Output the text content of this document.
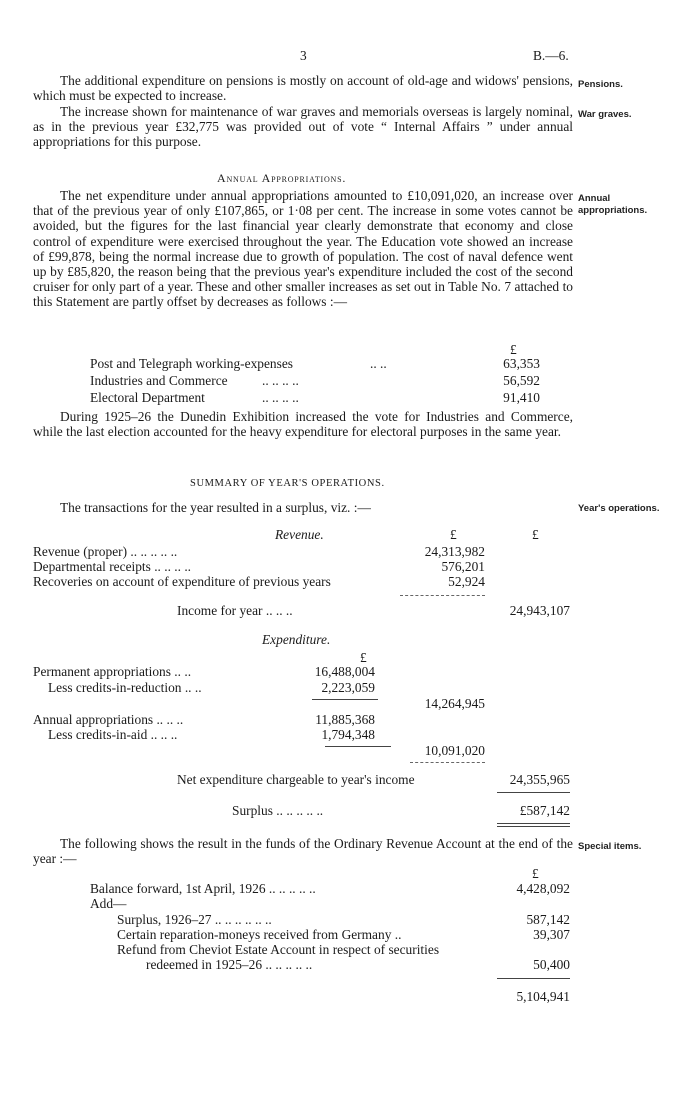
3	B.—6.
Pensions.
War graves.
Annual appropriations.
Year's operations.
Special items.
The additional expenditure on pensions is mostly on account of old-age and widows' pensions, which must be expected to increase.
The increase shown for maintenance of war graves and memorials overseas is largely nominal, as in the previous year £32,775 was provided out of vote “ Internal Affairs ” under annual appropriations for this purpose.
Annual Appropriations.
The net expenditure under annual appropriations amounted to £10,091,020, an increase over that of the previous year of only £107,865, or 1·08 per cent. The increase in some votes cannot be avoided, but the figures for the last financial year clearly demonstrate that economy and close control of expenditure were exercised throughout the year. The Education vote showed an increase of £99,878, being the normal increase due to growth of population. The cost of naval defence went up by £85,820, the reason being that the previous year's expenditure included the cost of the second cruiser for only part of a year. These and other smaller increases as set out in Table No. 7 attached to this Statement are partly offset by decreases as follows :—
£
Post and Telegraph working-expenses	.. ..	63,353
Industries and Commerce	.. .. .. ..	56,592
Electoral Department	.. .. .. ..	91,410
During 1925–26 the Dunedin Exhibition increased the vote for Industries and Commerce, while the last election accounted for the heavy expenditure for electoral purposes in the same year.
SUMMARY OF YEAR'S OPERATIONS.
The transactions for the year resulted in a surplus, viz. :—
Revenue.	£	£
Revenue (proper) .. .. .. .. ..	24,313,982
Departmental receipts .. .. .. ..	576,201
Recoveries on account of expenditure of previous years	52,924
Income for year .. .. ..	24,943,107
Expenditure.
£
Permanent appropriations .. ..	16,488,004
Less credits-in-reduction .. ..	2,223,059
14,264,945
Annual appropriations .. .. ..	11,885,368
Less credits-in-aid .. .. ..	1,794,348
10,091,020
Net expenditure chargeable to year's income	24,355,965
Surplus .. .. .. .. ..	£587,142
The following shows the result in the funds of the Ordinary Revenue Account at the end of the year :—
£
Balance forward, 1st April, 1926 .. .. .. .. ..	4,428,092
Add—
Surplus, 1926–27 .. .. .. .. .. ..	587,142
Certain reparation-moneys received from Germany ..	39,307
Refund from Cheviot Estate Account in respect of securities
redeemed in 1925–26 .. .. .. .. ..	50,400
5,104,941
